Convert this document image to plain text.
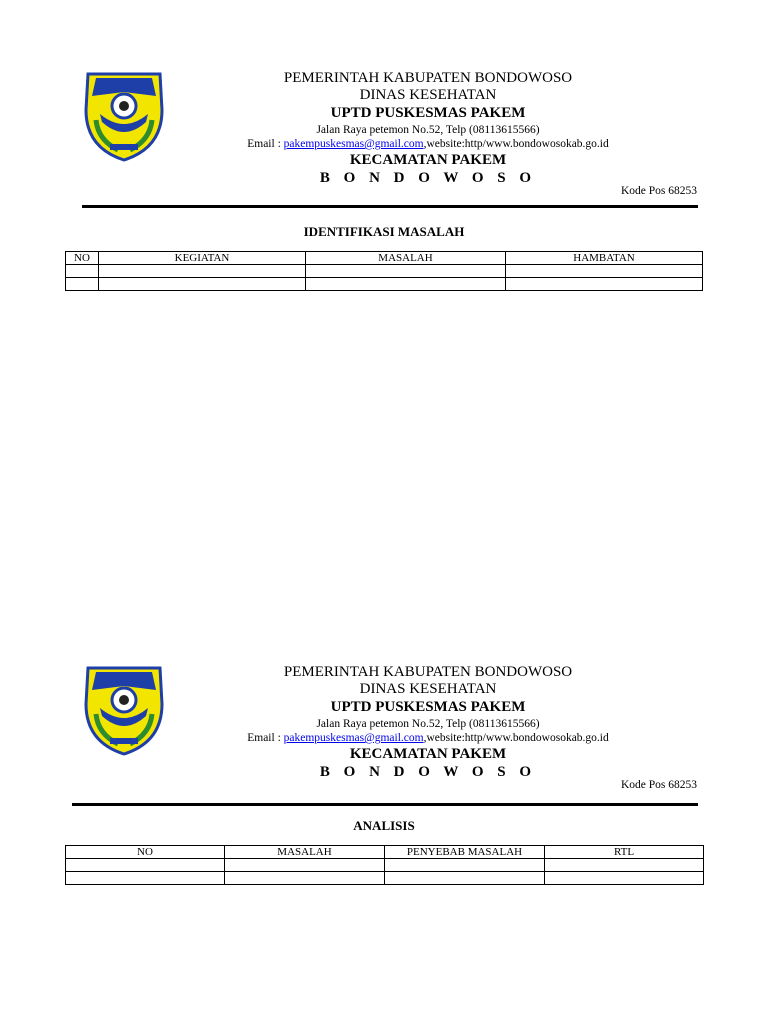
PEMERINTAH KABUPATEN BONDOWOSO
DINAS KESEHATAN
UPTD PUSKESMAS PAKEM
Jalan Raya petemon No.52, Telp (08113615566)
Email : pakempuskesmas@gmail.com,website:http/www.bondowosokab.go.id
KECAMATAN PAKEM
B O N D O W O S O
Kode Pos 68253
IDENTIFIKASI MASALAH
NO	KEGIATAN	MASALAH	HAMBATAN

PEMERINTAH KABUPATEN BONDOWOSO
DINAS KESEHATAN
UPTD PUSKESMAS PAKEM
Jalan Raya petemon No.52, Telp (08113615566)
Email : pakempuskesmas@gmail.com,website:http/www.bondowosokab.go.id
KECAMATAN PAKEM
B O N D O W O S O
Kode Pos 68253
ANALISIS
NO	MASALAH	PENYEBAB MASALAH	RTL
